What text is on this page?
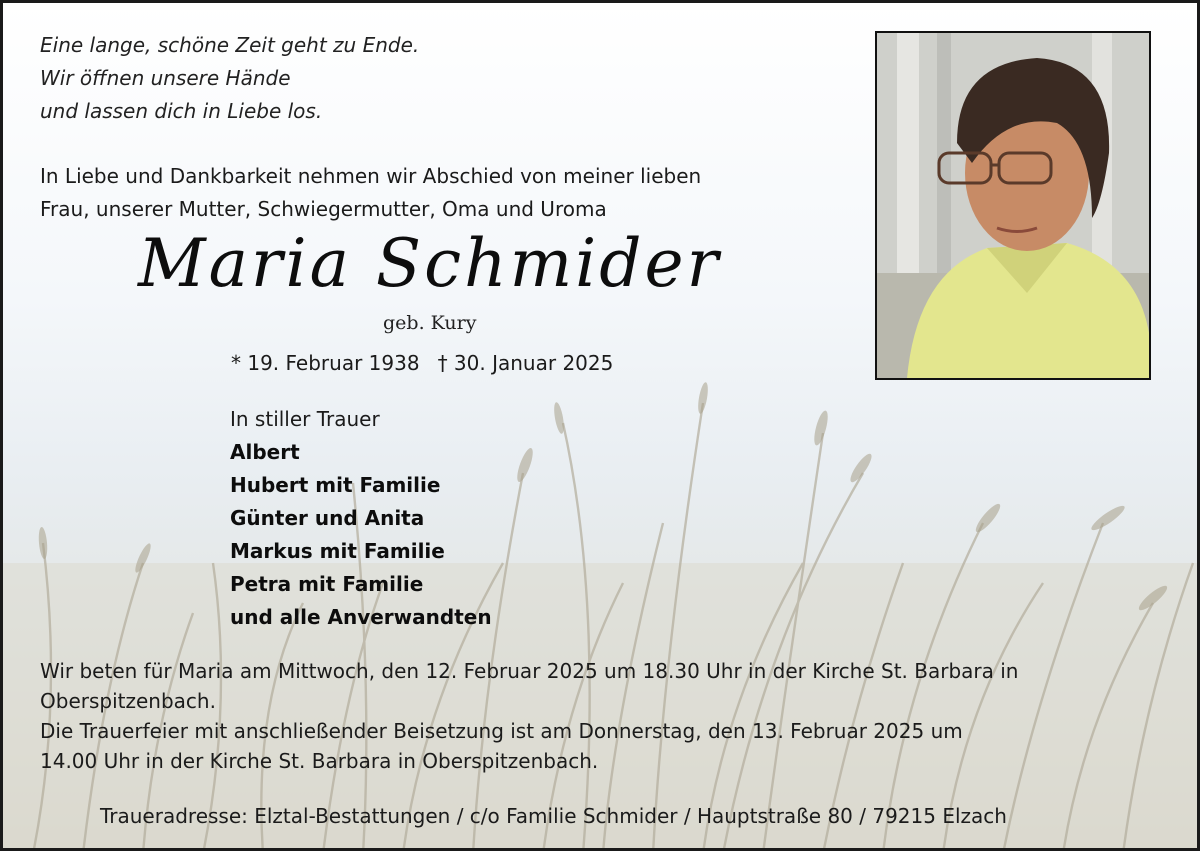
Eine lange, schöne Zeit geht zu Ende.
Wir öffnen unsere Hände
und lassen dich in Liebe los.
In Liebe und Dankbarkeit nehmen wir Abschied von meiner lieben
Frau, unserer Mutter, Schwiegermutter, Oma und Uroma
Maria Schmider
geb. Kury
* 19. Februar 1938 † 30. Januar 2025
In stiller Trauer
Albert
Hubert mit Familie
Günter und Anita
Markus mit Familie
Petra mit Familie
und alle Anverwandten
Wir beten für Maria am Mittwoch, den 12. Februar 2025 um 18.30 Uhr in der Kirche St. Barbara in
Oberspitzenbach.
Die Trauerfeier mit anschließender Beisetzung ist am Donnerstag, den 13. Februar 2025 um
14.00 Uhr in der Kirche St. Barbara in Oberspitzenbach.
Traueradresse: Elztal-Bestattungen / c/o Familie Schmider / Hauptstraße 80 / 79215 Elzach
